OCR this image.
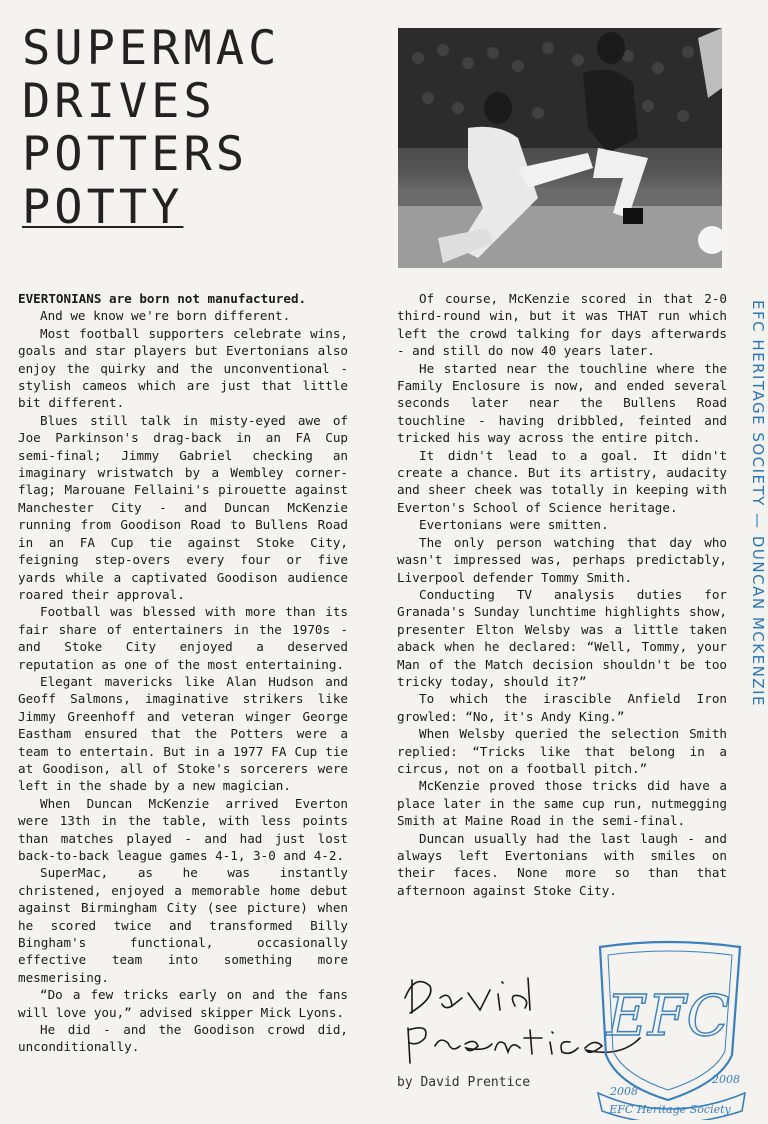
SUPERMAC
DRIVES
POTTERS
POTTY

EVERTONIANS are born not manufactured.

And we know we're born different.

Most football supporters celebrate wins, goals and star players but Evertonians also enjoy the quirky and the unconventional - stylish cameos which are just that little bit different.

Blues still talk in misty-eyed awe of Joe Parkinson's drag-back in an FA Cup semi-final; Jimmy Gabriel checking an imaginary wristwatch by a Wembley corner-flag; Marouane Fellaini's pirouette against Manchester City - and Duncan McKenzie running from Goodison Road to Bullens Road in an FA Cup tie against Stoke City, feigning step-overs every four or five yards while a captivated Goodison audience roared their approval.

Football was blessed with more than its fair share of entertainers in the 1970s - and Stoke City enjoyed a deserved reputation as one of the most entertaining.

Elegant mavericks like Alan Hudson and Geoff Salmons, imaginative strikers like Jimmy Greenhoff and veteran winger George Eastham ensured that the Potters were a team to entertain. But in a 1977 FA Cup tie at Goodison, all of Stoke's sorcerers were left in the shade by a new magician.

When Duncan McKenzie arrived Everton were 13th in the table, with less points than matches played - and had just lost back-to-back league games 4-1, 3-0 and 4-2.

SuperMac, as he was instantly christened, enjoyed a memorable home debut against Birmingham City (see picture) when he scored twice and transformed Billy Bingham's functional, occasionally effective team into something more mesmerising.

“Do a few tricks early on and the fans will love you,” advised skipper Mick Lyons.

He did - and the Goodison crowd did, unconditionally.

Of course, McKenzie scored in that 2-0 third-round win, but it was THAT run which left the crowd talking for days afterwards - and still do now 40 years later.

He started near the touchline where the Family Enclosure is now, and ended several seconds later near the Bullens Road touchline - having dribbled, feinted and tricked his way across the entire pitch.

It didn't lead to a goal. It didn't create a chance. But its artistry, audacity and sheer cheek was totally in keeping with Everton's School of Science heritage.

Evertonians were smitten.

The only person watching that day who wasn't impressed was, perhaps predictably, Liverpool defender Tommy Smith.

Conducting TV analysis duties for Granada's Sunday lunchtime highlights show, presenter Elton Welsby was a little taken aback when he declared: “Well, Tommy, your Man of the Match decision shouldn't be too tricky today, should it?”

To which the irascible Anfield Iron growled: “No, it's Andy King.”

When Welsby queried the selection Smith replied: “Tricks like that belong in a circus, not on a football pitch.”

McKenzie proved those tricks did have a place later in the same cup run, nutmegging Smith at Maine Road in the semi-final.

Duncan usually had the last laugh - and always left Evertonians with smiles on their faces. None more so than that afternoon against Stoke City.

EFC HERITAGE SOCIETY — DUNCAN MCKENZIE
by David Prentice
EFC
2008
2008
EFC Heritage Society
